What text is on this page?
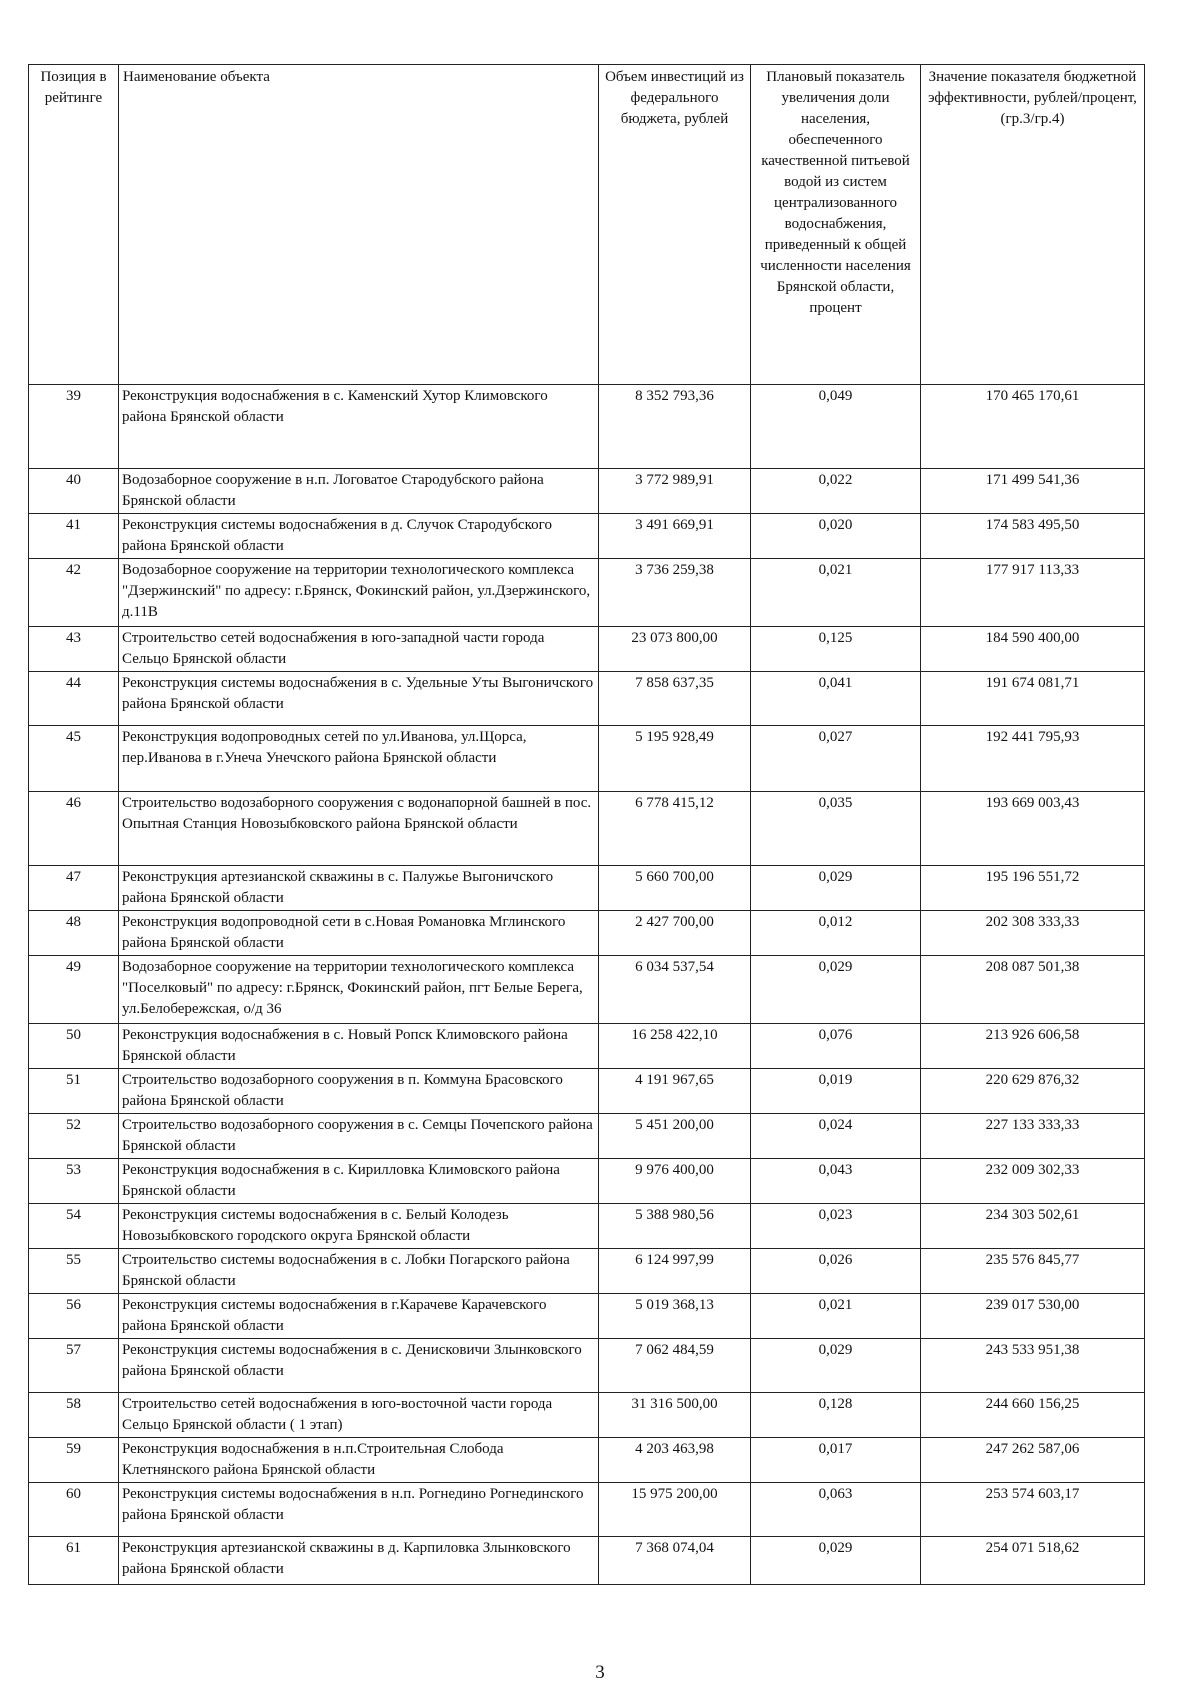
Позиция в рейтинге	Наименование объекта	Объем инвестиций из федерального бюджета, рублей	Плановый показатель увеличения доли населения, обеспеченного качественной питьевой водой из систем централизованного водоснабжения, приведенный к общей численности населения Брянской области, процент	Значение показателя бюджетной эффективности, рублей/процент, (гр.3/гр.4)
39	Реконструкция водоснабжения в с. Каменский Хутор Климовского района Брянской области	8 352 793,36	0,049	170 465 170,61
40	Водозаборное сооружение в н.п. Логоватое Стародубского района Брянской области	3 772 989,91	0,022	171 499 541,36
41	Реконструкция системы водоснабжения в д. Случок Стародубского района Брянской области	3 491 669,91	0,020	174 583 495,50
42	Водозаборное сооружение на территории технологического комплекса "Дзержинский" по адресу: г.Брянск, Фокинский район, ул.Дзержинского, д.11В	3 736 259,38	0,021	177 917 113,33
43	Строительство сетей водоснабжения в юго-западной части города Сельцо Брянской области	23 073 800,00	0,125	184 590 400,00
44	Реконструкция системы водоснабжения в с. Удельные Уты Выгоничского района Брянской области	7 858 637,35	0,041	191 674 081,71
45	Реконструкция водопроводных сетей по ул.Иванова, ул.Щорса, пер.Иванова в г.Унеча Унечского района Брянской области	5 195 928,49	0,027	192 441 795,93
46	Строительство водозаборного сооружения с водонапорной башней в пос. Опытная Станция Новозыбковского района Брянской области	6 778 415,12	0,035	193 669 003,43
47	Реконструкция артезианской скважины в с. Палужье Выгоничского района Брянской области	5 660 700,00	0,029	195 196 551,72
48	Реконструкция водопроводной сети в с.Новая Романовка Мглинского района Брянской области	2 427 700,00	0,012	202 308 333,33
49	Водозаборное сооружение на территории технологического комплекса "Поселковый" по адресу: г.Брянск, Фокинский район, пгт Белые Берега, ул.Белобережская, о/д 36	6 034 537,54	0,029	208 087 501,38
50	Реконструкция водоснабжения в с. Новый Ропск Климовского района Брянской области	16 258 422,10	0,076	213 926 606,58
51	Строительство водозаборного сооружения в п. Коммуна Брасовского района Брянской области	4 191 967,65	0,019	220 629 876,32
52	Строительство водозаборного сооружения в с. Семцы Почепского района Брянской области	5 451 200,00	0,024	227 133 333,33
53	Реконструкция водоснабжения в с. Кирилловка Климовского района Брянской области	9 976 400,00	0,043	232 009 302,33
54	Реконструкция системы водоснабжения в с. Белый Колодезь Новозыбковского городского округа Брянской области	5 388 980,56	0,023	234 303 502,61
55	Строительство системы водоснабжения в с. Лобки Погарского района Брянской области	6 124 997,99	0,026	235 576 845,77
56	Реконструкция системы водоснабжения в г.Карачеве Карачевского района Брянской области	5 019 368,13	0,021	239 017 530,00
57	Реконструкция системы водоснабжения в с. Денисковичи Злынковского района Брянской области	7 062 484,59	0,029	243 533 951,38
58	Строительство сетей водоснабжения в юго-восточной части города Сельцо Брянской области ( 1 этап)	31 316 500,00	0,128	244 660 156,25
59	Реконструкция водоснабжения в н.п.Строительная Слобода Клетнянского района Брянской области	4 203 463,98	0,017	247 262 587,06
60	Реконструкция системы водоснабжения в н.п. Рогнедино Рогнединского района Брянской области	15 975 200,00	0,063	253 574 603,17
61	Реконструкция артезианской скважины в д. Карпиловка Злынковского района Брянской области	7 368 074,04	0,029	254 071 518,62
3
